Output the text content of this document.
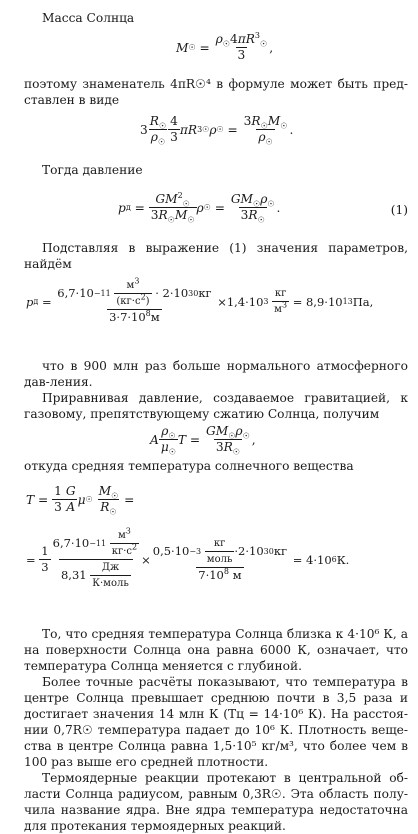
Масса Солнца
M ☉ = $\frac{\rho_☉4\pi R^3_☉}{3}$ ,
поэтому знаменатель 4πR☉⁴ в формуле может быть пред-ставлен в виде
$3 \frac{R_☉}{\rho_☉} \frac{4}{3}$ πR 3 ☉ ρ ☉ = $\frac{3R_☉M_☉}{\rho_☉}$ .
Тогда давление
p $д = \frac{GM^2_☉}{3R_☉M_☉}$ ρ ☉ = $\frac{GM_☉\rho_☉}{3R_☉}$ .	(1)
Подставляя в выражение (1) значения параметров, найдём
p д = 6,7·10 −11
$\frac{м^3}{(кг\cdot с^2)} \cdot 2\cdot 10$ 30 кг
$3\cdot 7\cdot 10^8м \times 1,4\cdot 10$ 3
$\frac{кг}{м^3} = 8,9\cdot 10$ 13 Па,
что в 900 млн раз больше нормального атмосферного дав-ления.
Приравнивая давление, создаваемое гравитацией, к газовому, препятствующему сжатию Солнца, получим
A $\frac{\rho_☉}{\mu_☉}$ $T = \frac{GM_☉\rho_☉}{3R_☉}$ ,
откуда средняя температура солнечного вещества
$T = \frac{1}{3} \frac{G}{A}$ μ ☉
$\frac{M_☉}{R_☉}$ =
= $\frac{1}{3} 6,7\cdot 10 -11$
$\frac{м^3}{кг\cdot с^2}$
$8,31 \frac{Дж}{\text{К·моль}} \times 0,5\cdot 10 -3$
$\frac{кг}{\text{моль}} \cdot 2\cdot 10$ 30 кг
$7\cdot 10^8$ м = 4·10 6 К.
То, что средняя температура Солнца близка к 4·10⁶ К, а на поверхности Солнца она равна 6000 К, означает, что температура Солнца меняется с глубиной.
Более точные расчёты показывают, что температура в центре Солнца превышает среднюю почти в 3,5 раза и достигает значения 14 млн К (Tц = 14·10⁶ К). На расстоя-нии 0,7R☉ температура падает до 10⁶ К. Плотность веще-ства в центре Солнца равна 1,5·10⁵ кг/м³, что более чем в 100 раз выше его средней плотности.
Термоядерные реакции протекают в центральной об-ласти Солнца радиусом, равным 0,3R☉. Эта область полу-чила название ядра. Вне ядра температура недостаточна для протекания термоядерных реакций.
